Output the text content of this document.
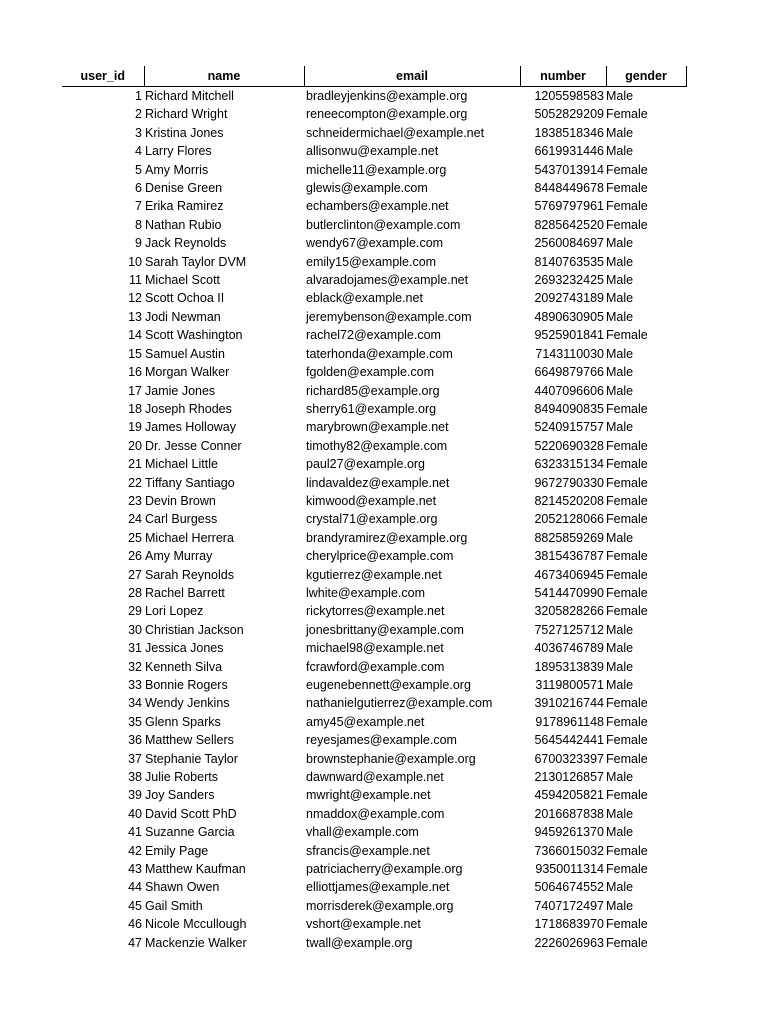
user_id	name	email	number	gender
1	Richard Mitchell	bradleyjenkins@example.org	1205598583	Male
2	Richard Wright	reneecompton@example.org	5052829209	Female
3	Kristina Jones	schneidermichael@example.net	1838518346	Male
4	Larry Flores	allisonwu@example.net	6619931446	Male
5	Amy Morris	michelle11@example.org	5437013914	Female
6	Denise Green	glewis@example.com	8448449678	Female
7	Erika Ramirez	echambers@example.net	5769797961	Female
8	Nathan Rubio	butlerclinton@example.com	8285642520	Female
9	Jack Reynolds	wendy67@example.com	2560084697	Male
10	Sarah Taylor DVM	emily15@example.com	8140763535	Male
11	Michael Scott	alvaradojames@example.net	2693232425	Male
12	Scott Ochoa II	eblack@example.net	2092743189	Male
13	Jodi Newman	jeremybenson@example.com	4890630905	Male
14	Scott Washington	rachel72@example.com	9525901841	Female
15	Samuel Austin	taterhonda@example.com	7143110030	Male
16	Morgan Walker	fgolden@example.com	6649879766	Male
17	Jamie Jones	richard85@example.org	4407096606	Male
18	Joseph Rhodes	sherry61@example.org	8494090835	Female
19	James Holloway	marybrown@example.net	5240915757	Male
20	Dr. Jesse Conner	timothy82@example.com	5220690328	Female
21	Michael Little	paul27@example.org	6323315134	Female
22	Tiffany Santiago	lindavaldez@example.net	9672790330	Female
23	Devin Brown	kimwood@example.net	8214520208	Female
24	Carl Burgess	crystal71@example.org	2052128066	Female
25	Michael Herrera	brandyramirez@example.org	8825859269	Male
26	Amy Murray	cherylprice@example.com	3815436787	Female
27	Sarah Reynolds	kgutierrez@example.net	4673406945	Female
28	Rachel Barrett	lwhite@example.com	5414470990	Female
29	Lori Lopez	rickytorres@example.net	3205828266	Female
30	Christian Jackson	jonesbrittany@example.com	7527125712	Male
31	Jessica Jones	michael98@example.net	4036746789	Male
32	Kenneth Silva	fcrawford@example.com	1895313839	Male
33	Bonnie Rogers	eugenebennett@example.org	3119800571	Male
34	Wendy Jenkins	nathanielgutierrez@example.com	3910216744	Female
35	Glenn Sparks	amy45@example.net	9178961148	Female
36	Matthew Sellers	reyesjames@example.com	5645442441	Female
37	Stephanie Taylor	brownstephanie@example.org	6700323397	Female
38	Julie Roberts	dawnward@example.net	2130126857	Male
39	Joy Sanders	mwright@example.net	4594205821	Female
40	David Scott PhD	nmaddox@example.com	2016687838	Male
41	Suzanne Garcia	vhall@example.com	9459261370	Male
42	Emily Page	sfrancis@example.net	7366015032	Female
43	Matthew Kaufman	patriciacherry@example.org	9350011314	Female
44	Shawn Owen	elliottjames@example.net	5064674552	Male
45	Gail Smith	morrisderek@example.org	7407172497	Male
46	Nicole Mccullough	vshort@example.net	1718683970	Female
47	Mackenzie Walker	twall@example.org	2226026963	Female
